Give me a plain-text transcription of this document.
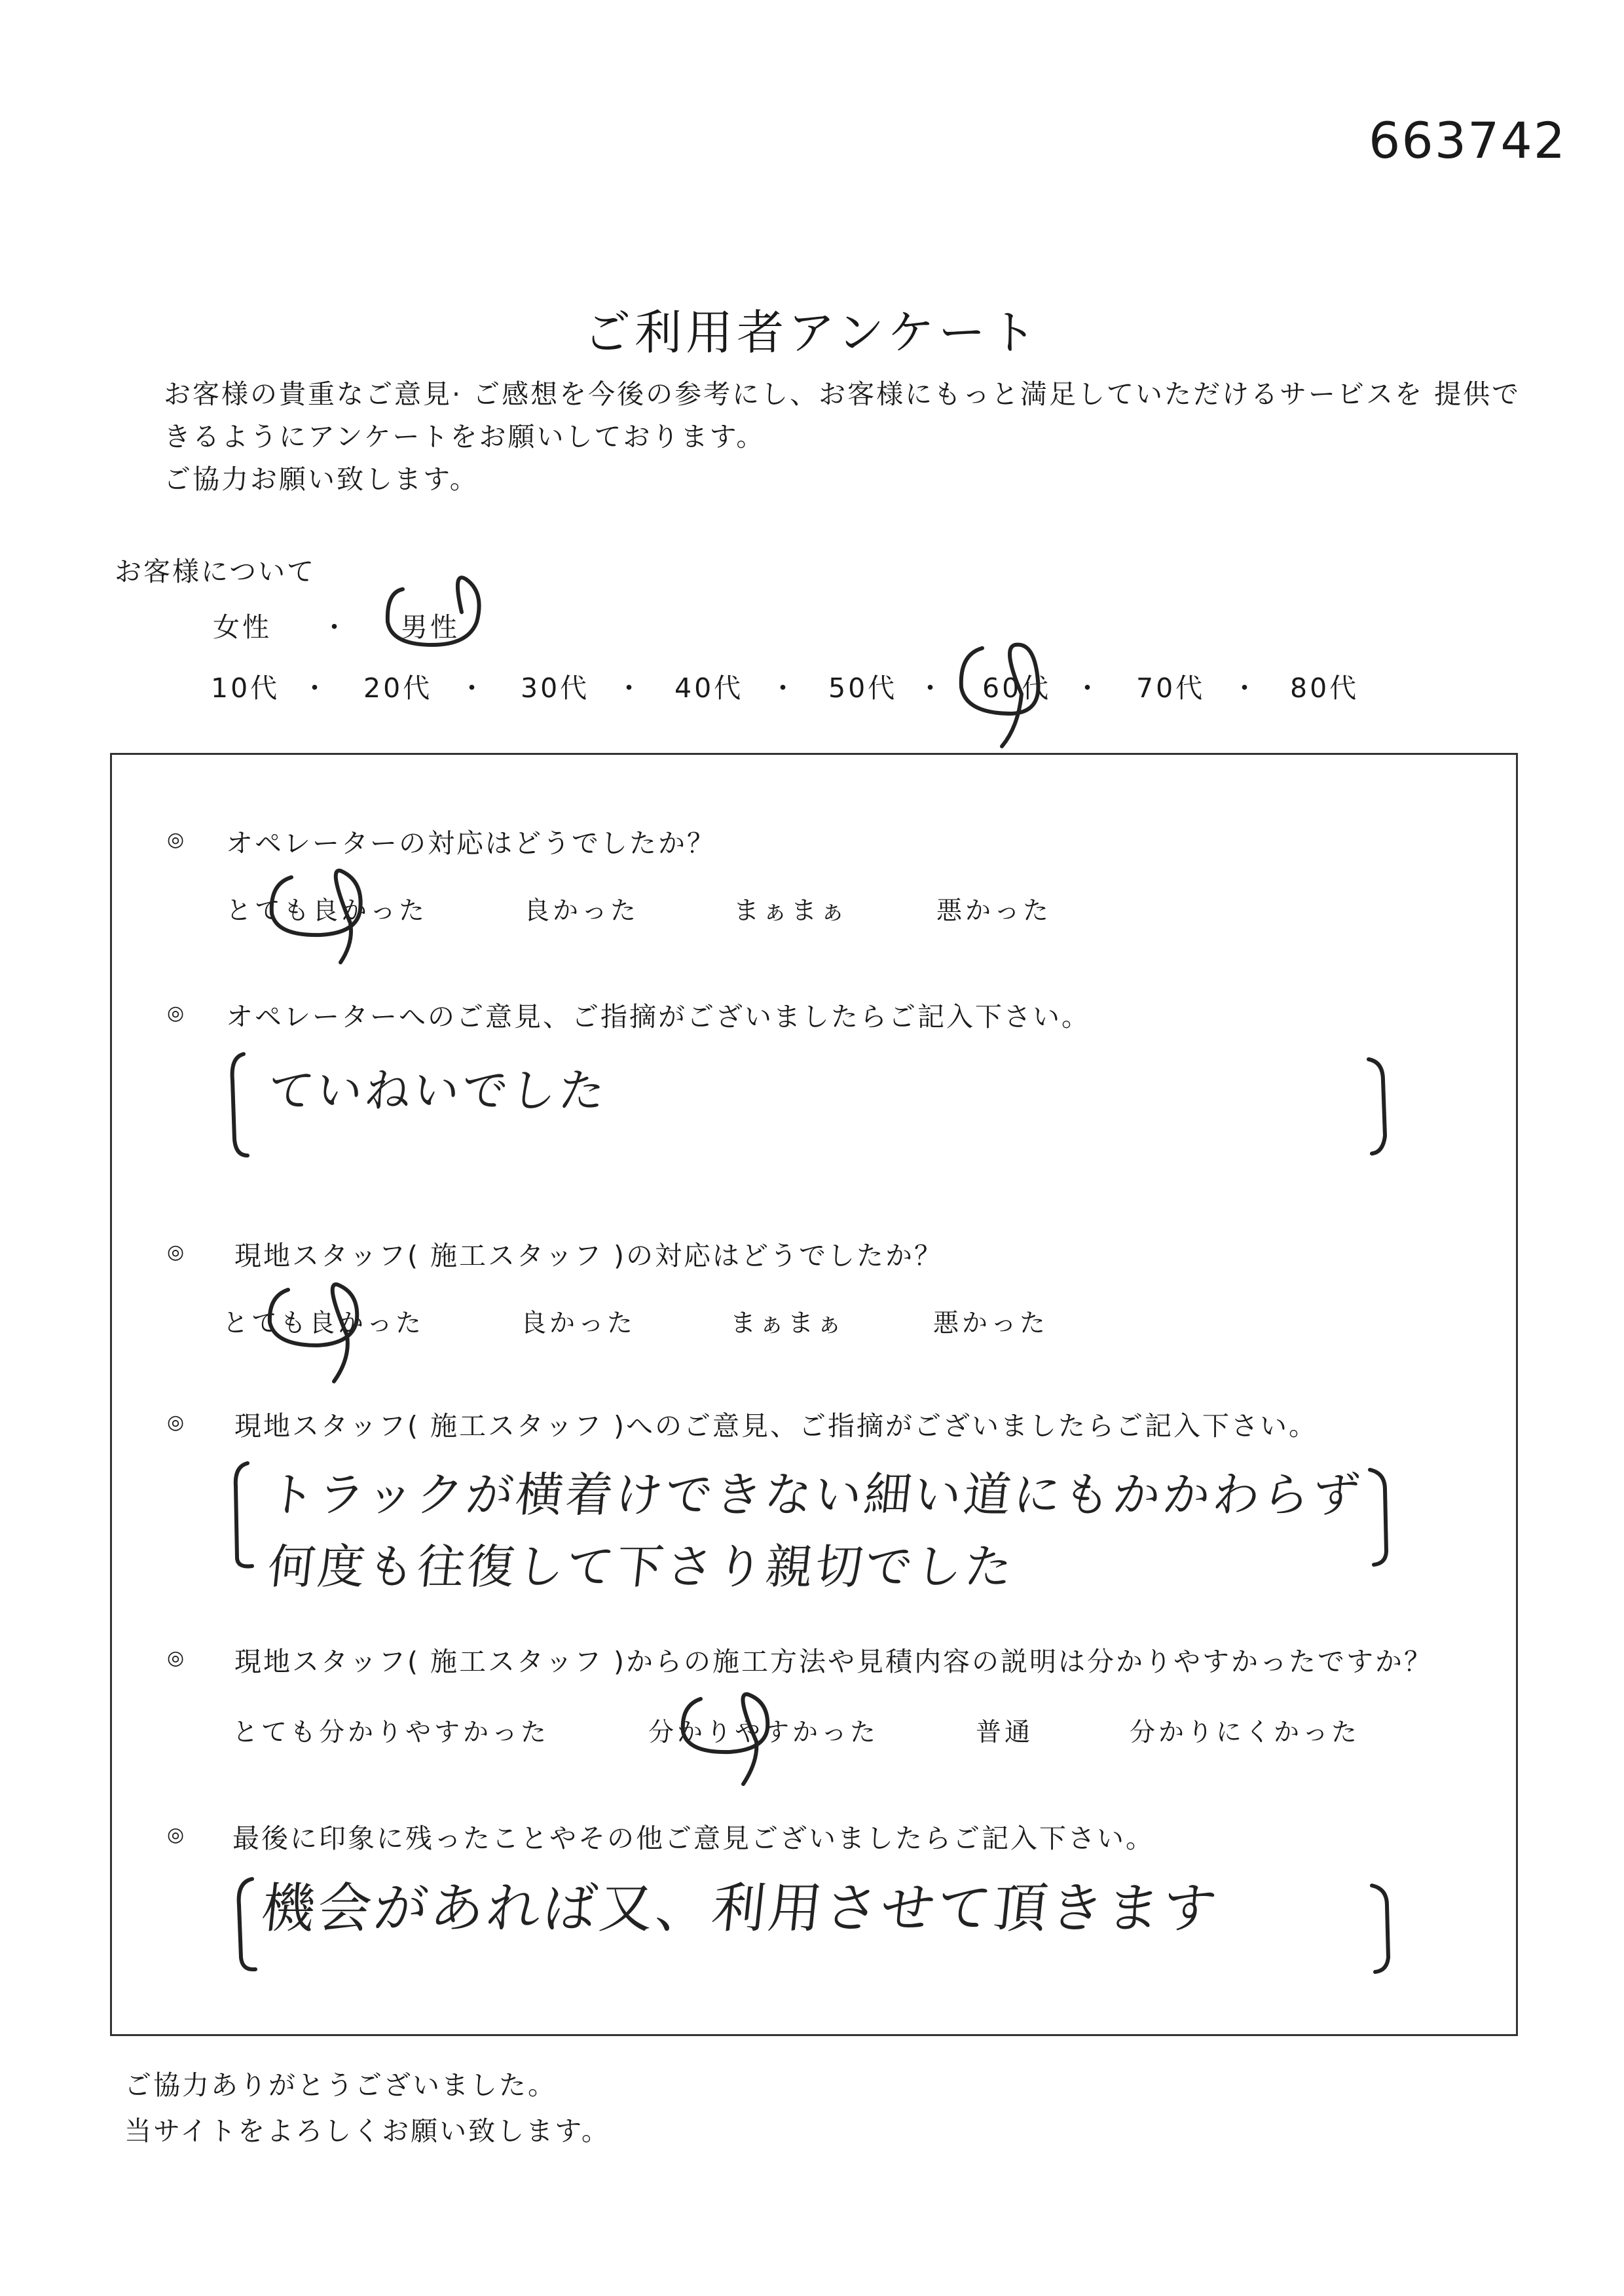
663742
ご利用者アンケート

お客様の貴重なご意見· ご感想を今後の参考にし、お客様にもっと満足していただけるサービスを 提供で

きるようにアンケートをお願いしております。

ご協力お願い致します。

お客様について
女性 ・ 男性
10代 ・ 20代 ・ 30代 ・ 40代 ・ 50代 ・ 60代 ・ 70代 ・ 80代
◎ オペレーターの対応はどうでしたか？
とても良かった	良かった	まぁまぁ	悪かった
◎ オペレーターへのご意見、ご指摘がございましたらご記入下さい。
ていねいでした
◎ 現地スタッフ( 施工スタッフ )の対応はどうでしたか？
とても良かった	良かった	まぁまぁ	悪かった
◎ 現地スタッフ( 施工スタッフ )へのご意見、ご指摘がございましたらご記入下さい。
トラックが横着けできない細い道にもかかわらず
何度も往復して下さり親切でした
◎ 現地スタッフ( 施工スタッフ )からの施工方法や見積内容の説明は分かりやすかったですか？
とても分かりやすかった	分かりやすかった	普通	分かりにくかった
◎ 最後に印象に残ったことやその他ご意見ございましたらご記入下さい。
機会があれば又、利用させて頂きます

ご協力ありがとうございました。

当サイトをよろしくお願い致します。
